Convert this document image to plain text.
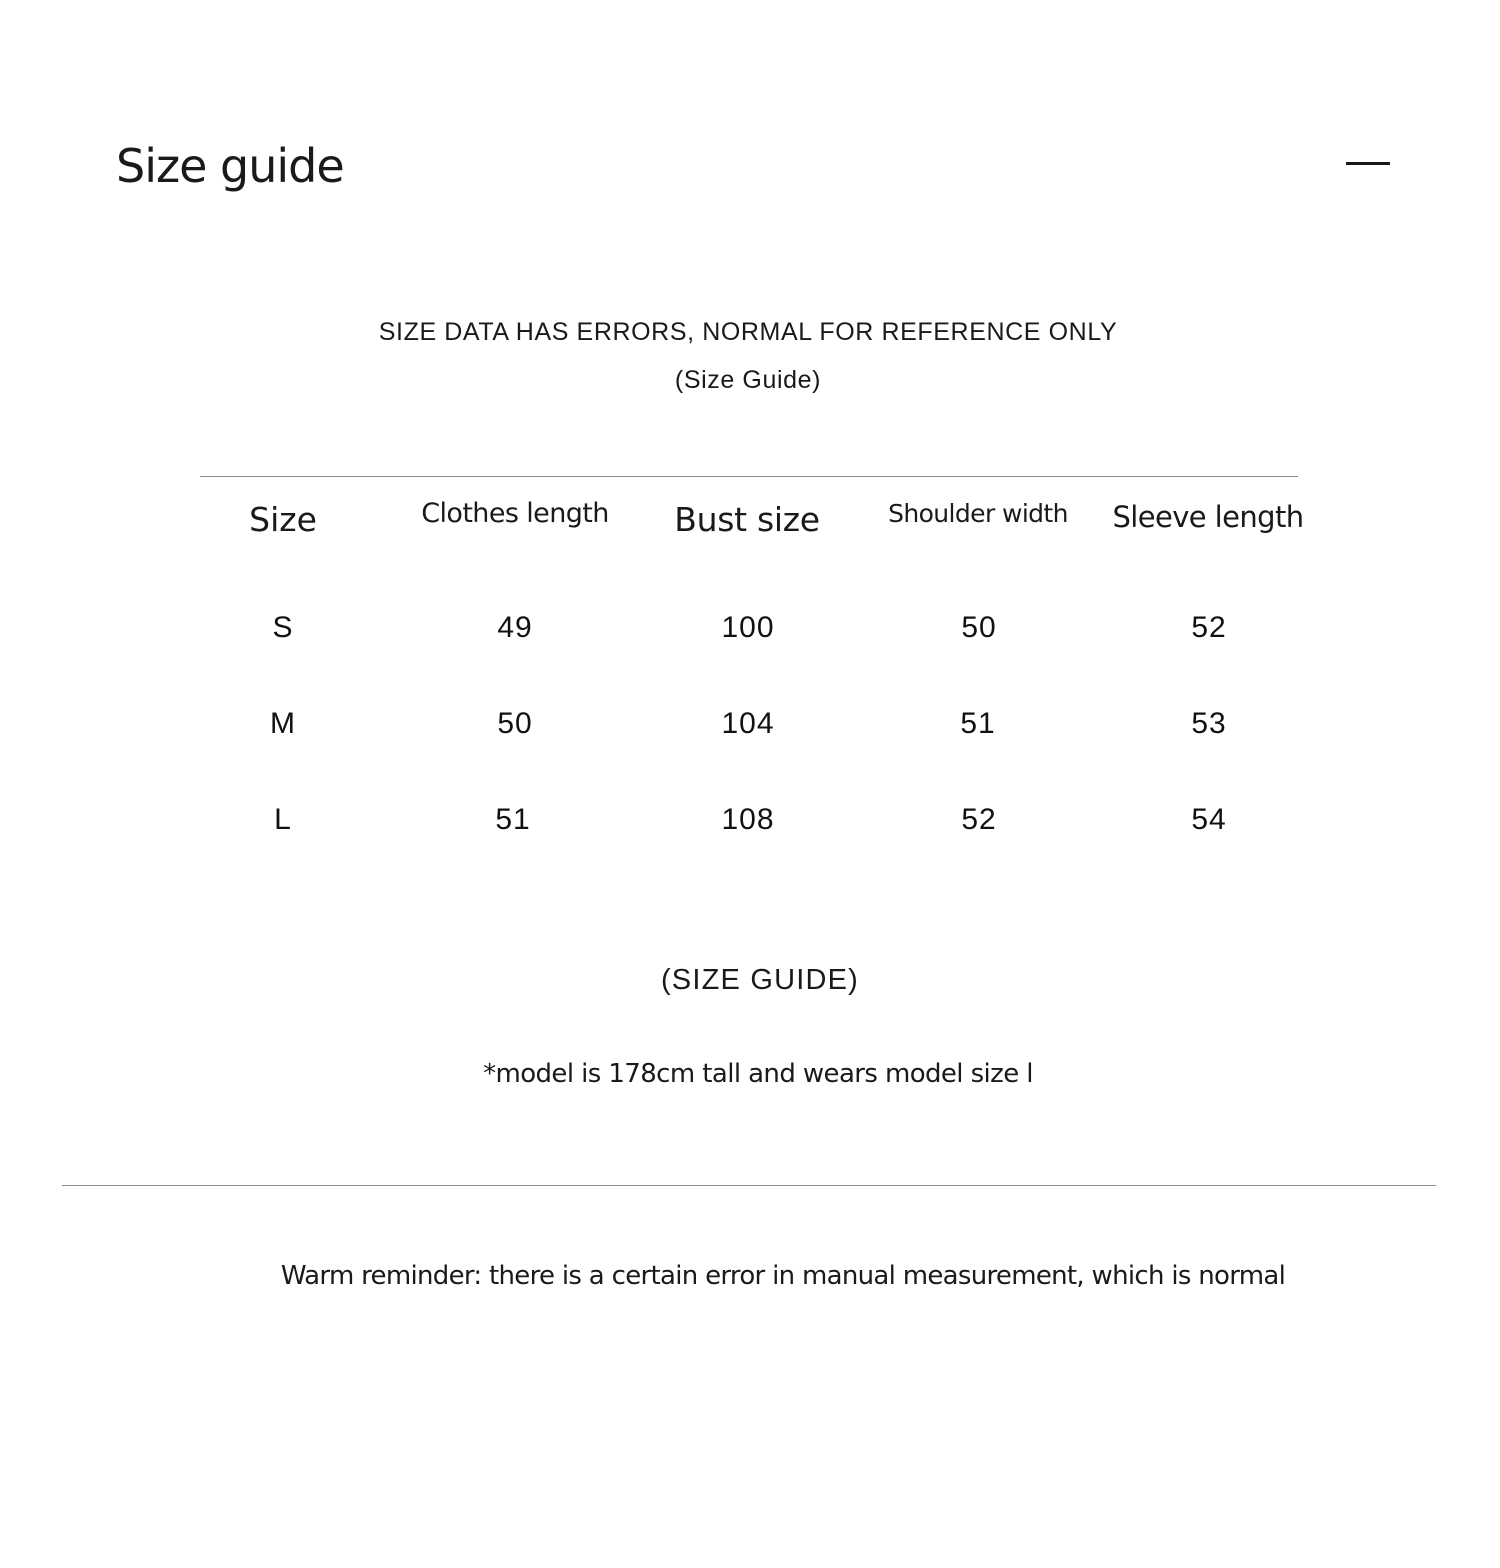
Size guide
SIZE DATA HAS ERRORS, NORMAL FOR REFERENCE ONLY
(Size Guide)
Size	Clothes length	Bust size	Shoulder width	Sleeve length
S	49	100	50	52
M	50	104	51	53
L	51	108	52	54
(SIZE GUIDE)
*model is 178cm tall and wears model size l
Warm reminder: there is a certain error in manual measurement, which is normal
